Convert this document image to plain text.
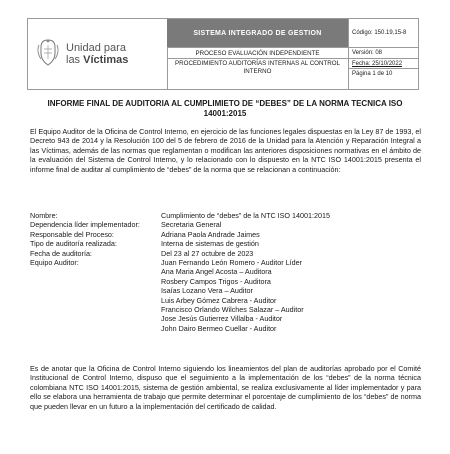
Unidad para
las Víctimas
SISTEMA INTEGRADO DE GESTION
PROCESO EVALUACIÓN INDEPENDIENTE
PROCEDIMIENTO AUDITORÍAS INTERNAS AL CONTROL INTERNO
Código: 150.19,15-8
Versión: 08
Fecha: 25/10/2022
Página 1 de 10
INFORME FINAL DE AUDITORIA AL CUMPLIMIETO DE “DEBES” DE LA NORMA TECNICA ISO 14001:2015
El Equipo Auditor de la Oficina de Control Interno, en ejercicio de las funciones legales dispuestas en la Ley 87 de 1993, el Decreto 943 de 2014 y la Resolución 100 del 5 de febrero de 2016 de la Unidad para la Atención y Reparación Integral a las Víctimas, además de las normas que reglamentan o modifican las anteriores disposiciones normativas en el ámbito de la evaluación del Sistema de Control Interno, y lo relacionado con lo dispuesto en la NTC ISO 14001:2015 presenta el informe final de auditar al cumplimiento de “debes” de la norma que se relacionan a continuación:
Nombre:	Cumplimiento de “debes” de la NTC ISO 14001:2015
Dependencia líder implementador:	Secretaria General
Responsable del Proceso:	Adriana Paola Andrade Jaimes
Tipo de auditoría realizada:	Interna de sistemas de gestión
Fecha de auditoría:	Del 23 al 27 octubre de 2023
Equipo Auditor:	Juan Fernando León Romero - Auditor Líder
Ana Maria Angel Acosta – Auditora
Rosbery Campos Trigos - Auditora
Isaías Lozano Vera – Auditor
Luis Arbey Gómez Cabrera - Auditor
Francisco Orlando Wilches Salazar – Auditor
Jose Jesús Gutierrez Villalba - Auditor
John Dairo Bermeo Cuellar - Auditor
Es de anotar que la Oficina de Control Interno siguiendo los lineamientos del plan de auditorías aprobado por el Comité Institucional de Control Interno, dispuso que el seguimiento a la implementación de los “debes” de la norma técnica colombiana NTC ISO 14001:2015, sistema de gestión ambiental, se realiza exclusivamente al líder implementador y para ello se elabora una herramienta de trabajo que permite determinar el porcentaje de cumplimiento de los “debes” de norma que pueden llevar en un futuro a la implementación del certificado de calidad.
